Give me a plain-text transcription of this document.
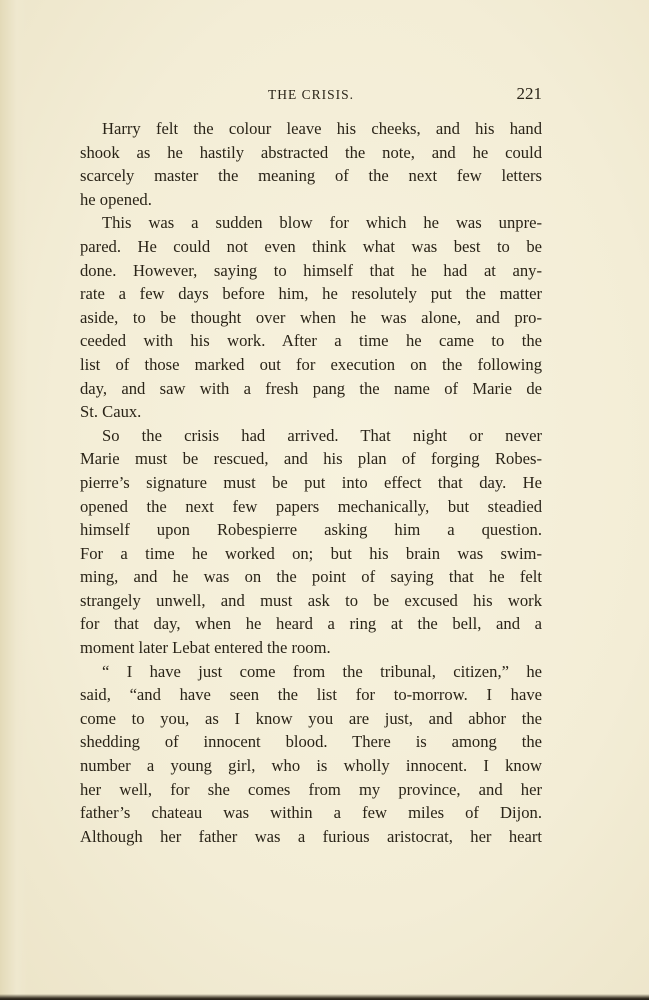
THE CRISIS.	221
Harry felt the colour leave his cheeks, and his hand
shook as he hastily abstracted the note, and he could
scarcely master the meaning of the next few letters
he opened.
This was a sudden blow for which he was unpre-
pared. He could not even think what was best to be
done. However, saying to himself that he had at any-
rate a few days before him, he resolutely put the matter
aside, to be thought over when he was alone, and pro-
ceeded with his work. After a time he came to the
list of those marked out for execution on the following
day, and saw with a fresh pang the name of Marie de
St. Caux.
So the crisis had arrived. That night or never
Marie must be rescued, and his plan of forging Robes-
pierre’s signature must be put into effect that day. He
opened the next few papers mechanically, but steadied
himself upon Robespierre asking him a question.
For a time he worked on; but his brain was swim-
ming, and he was on the point of saying that he felt
strangely unwell, and must ask to be excused his work
for that day, when he heard a ring at the bell, and a
moment later Lebat entered the room.
“ I have just come from the tribunal, citizen,” he
said, “and have seen the list for to-morrow. I have
come to you, as I know you are just, and abhor the
shedding of innocent blood. There is among the
number a young girl, who is wholly innocent. I know
her well, for she comes from my province, and her
father’s chateau was within a few miles of Dijon.
Although her father was a furious aristocrat, her heart
